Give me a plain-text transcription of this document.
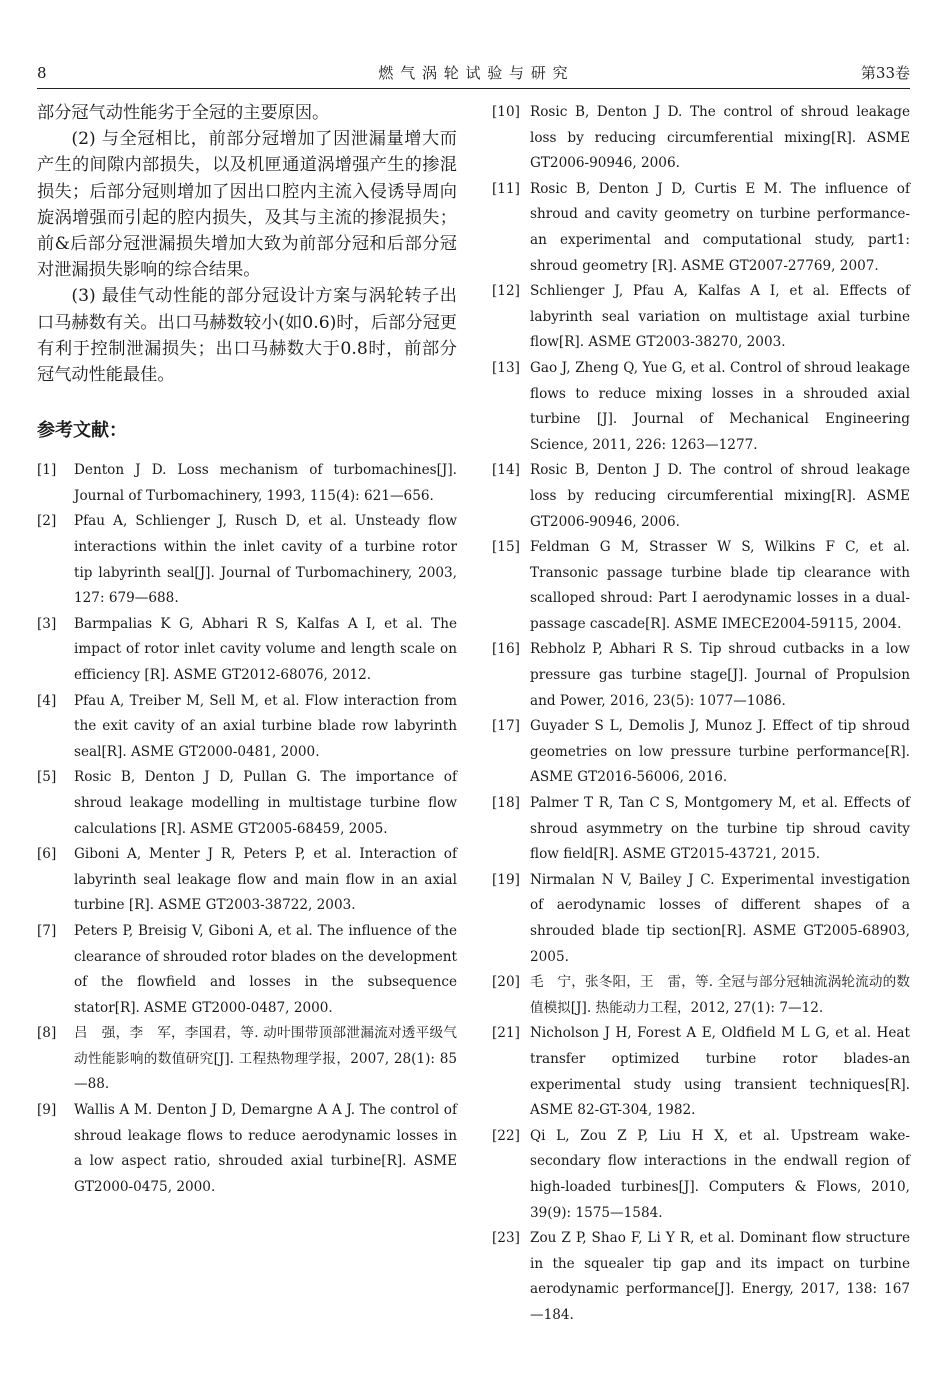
8	燃 气 涡 轮 试 验 与 研 究	第33卷

部分冠气动性能劣于全冠的主要原因。

(2) 与全冠相比，前部分冠增加了因泄漏量增大而产生的间隙内部损失，以及机匣通道涡增强产生的掺混损失；后部分冠则增加了因出口腔内主流入侵诱导周向旋涡增强而引起的腔内损失，及其与主流的掺混损失；前&后部分冠泄漏损失增加大致为前部分冠和后部分冠对泄漏损失影响的综合结果。

(3) 最佳气动性能的部分冠设计方案与涡轮转子出口马赫数有关。出口马赫数较小(如0.6)时，后部分冠更有利于控制泄漏损失；出口马赫数大于0.8时，前部分冠气动性能最佳。

参考文献：
[1]	Denton J D. Loss mechanism of turbomachines[J]. Journal of Turbomachinery, 1993, 115(4): 621—656.
[2]	Pfau A, Schlienger J, Rusch D, et al. Unsteady flow interactions within the inlet cavity of a turbine rotor tip labyrinth seal[J]. Journal of Turbomachinery, 2003, 127: 679—688.
[3]	Barmpalias K G, Abhari R S, Kalfas A I, et al. The impact of rotor inlet cavity volume and length scale on efficiency [R]. ASME GT2012-68076, 2012.
[4]	Pfau A, Treiber M, Sell M, et al. Flow interaction from the exit cavity of an axial turbine blade row labyrinth seal[R]. ASME GT2000-0481, 2000.
[5]	Rosic B, Denton J D, Pullan G. The importance of shroud leakage modelling in multistage turbine flow calculations [R]. ASME GT2005-68459, 2005.
[6]	Giboni A, Menter J R, Peters P, et al. Interaction of labyrinth seal leakage flow and main flow in an axial turbine [R]. ASME GT2003-38722, 2003.
[7]	Peters P, Breisig V, Giboni A, et al. The influence of the clearance of shrouded rotor blades on the development of the flowfield and losses in the subsequence stator[R]. ASME GT2000-0487, 2000.
[8]	吕　强，李　军，李国君，等. 动叶围带顶部泄漏流对透平级气动性能影响的数值研究[J]. 工程热物理学报，2007, 28(1): 85—88.
[9]	Wallis A M. Denton J D, Demargne A A J. The control of shroud leakage flows to reduce aerodynamic losses in a low aspect ratio, shrouded axial turbine[R]. ASME GT2000-0475, 2000.
[10] Rosic B, Denton J D. The control of shroud leakage loss by reducing circumferential mixing[R]. ASME GT2006-90946, 2006.
[11] Rosic B, Denton J D, Curtis E M. The influence of shroud and cavity geometry on turbine performance- an experimental and computational study, part1: shroud geometry [R]. ASME GT2007-27769, 2007.
[12] Schlienger J, Pfau A, Kalfas A I, et al. Effects of labyrinth seal variation on multistage axial turbine flow[R]. ASME GT2003-38270, 2003.
[13] Gao J, Zheng Q, Yue G, et al. Control of shroud leakage flows to reduce mixing losses in a shrouded axial turbine [J]. Journal of Mechanical Engineering Science, 2011, 226: 1263—1277.
[14] Rosic B, Denton J D. The control of shroud leakage loss by reducing circumferential mixing[R]. ASME GT2006-90946, 2006.
[15] Feldman G M, Strasser W S, Wilkins F C, et al. Transonic passage turbine blade tip clearance with scalloped shroud: Part I aerodynamic losses in a dual-passage cascade[R]. ASME IMECE2004-59115, 2004.
[16] Rebholz P, Abhari R S. Tip shroud cutbacks in a low pressure gas turbine stage[J]. Journal of Propulsion and Power, 2016, 23(5): 1077—1086.
[17] Guyader S L, Demolis J, Munoz J. Effect of tip shroud geometries on low pressure turbine performance[R]. ASME GT2016-56006, 2016.
[18] Palmer T R, Tan C S, Montgomery M, et al. Effects of shroud asymmetry on the turbine tip shroud cavity flow field[R]. ASME GT2015-43721, 2015.
[19] Nirmalan N V, Bailey J C. Experimental investigation of aerodynamic losses of different shapes of a shrouded blade tip section[R]. ASME GT2005-68903, 2005.
[20] 毛　宁，张冬阳，王　雷，等. 全冠与部分冠轴流涡轮流动的数值模拟[J]. 热能动力工程，2012, 27(1): 7—12.
[21] Nicholson J H, Forest A E, Oldfield M L G, et al. Heat transfer optimized turbine rotor blades-an experimental study using transient techniques[R]. ASME 82-GT-304, 1982.
[22] Qi L, Zou Z P, Liu H X, et al. Upstream wake-secondary flow interactions in the endwall region of high-loaded turbines[J]. Computers & Flows, 2010, 39(9): 1575—1584.
[23] Zou Z P, Shao F, Li Y R, et al. Dominant flow structure in the squealer tip gap and its impact on turbine aerodynamic performance[J]. Energy, 2017, 138: 167—184.
